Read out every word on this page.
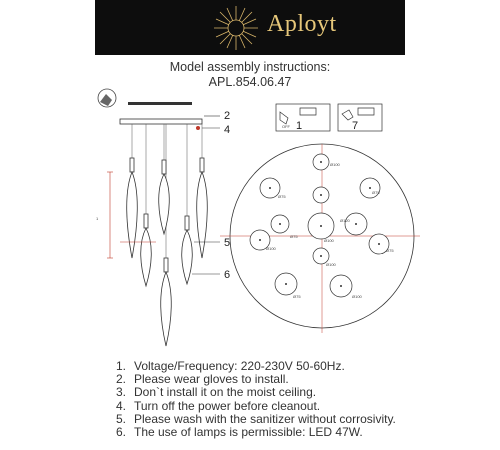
Aployt
Model assembly instructions:
APL.854.06.47
2
4
1
5
6
OFF 1	7
Ø100
Ø75
Ø120
Ø100
Ø75
Ø75
Ø100	Ø75
Ø100
Ø75	Ø100
1. Voltage/Frequency: 220-230V 50-60Hz.
2. Please wear gloves to install.
3. Don`t install it on the moist ceiling.
4. Turn off the power before cleanout.
5. Please wash with the sanitizer without corrosivity.
6. The use of lamps is permissible: LED 47W.
